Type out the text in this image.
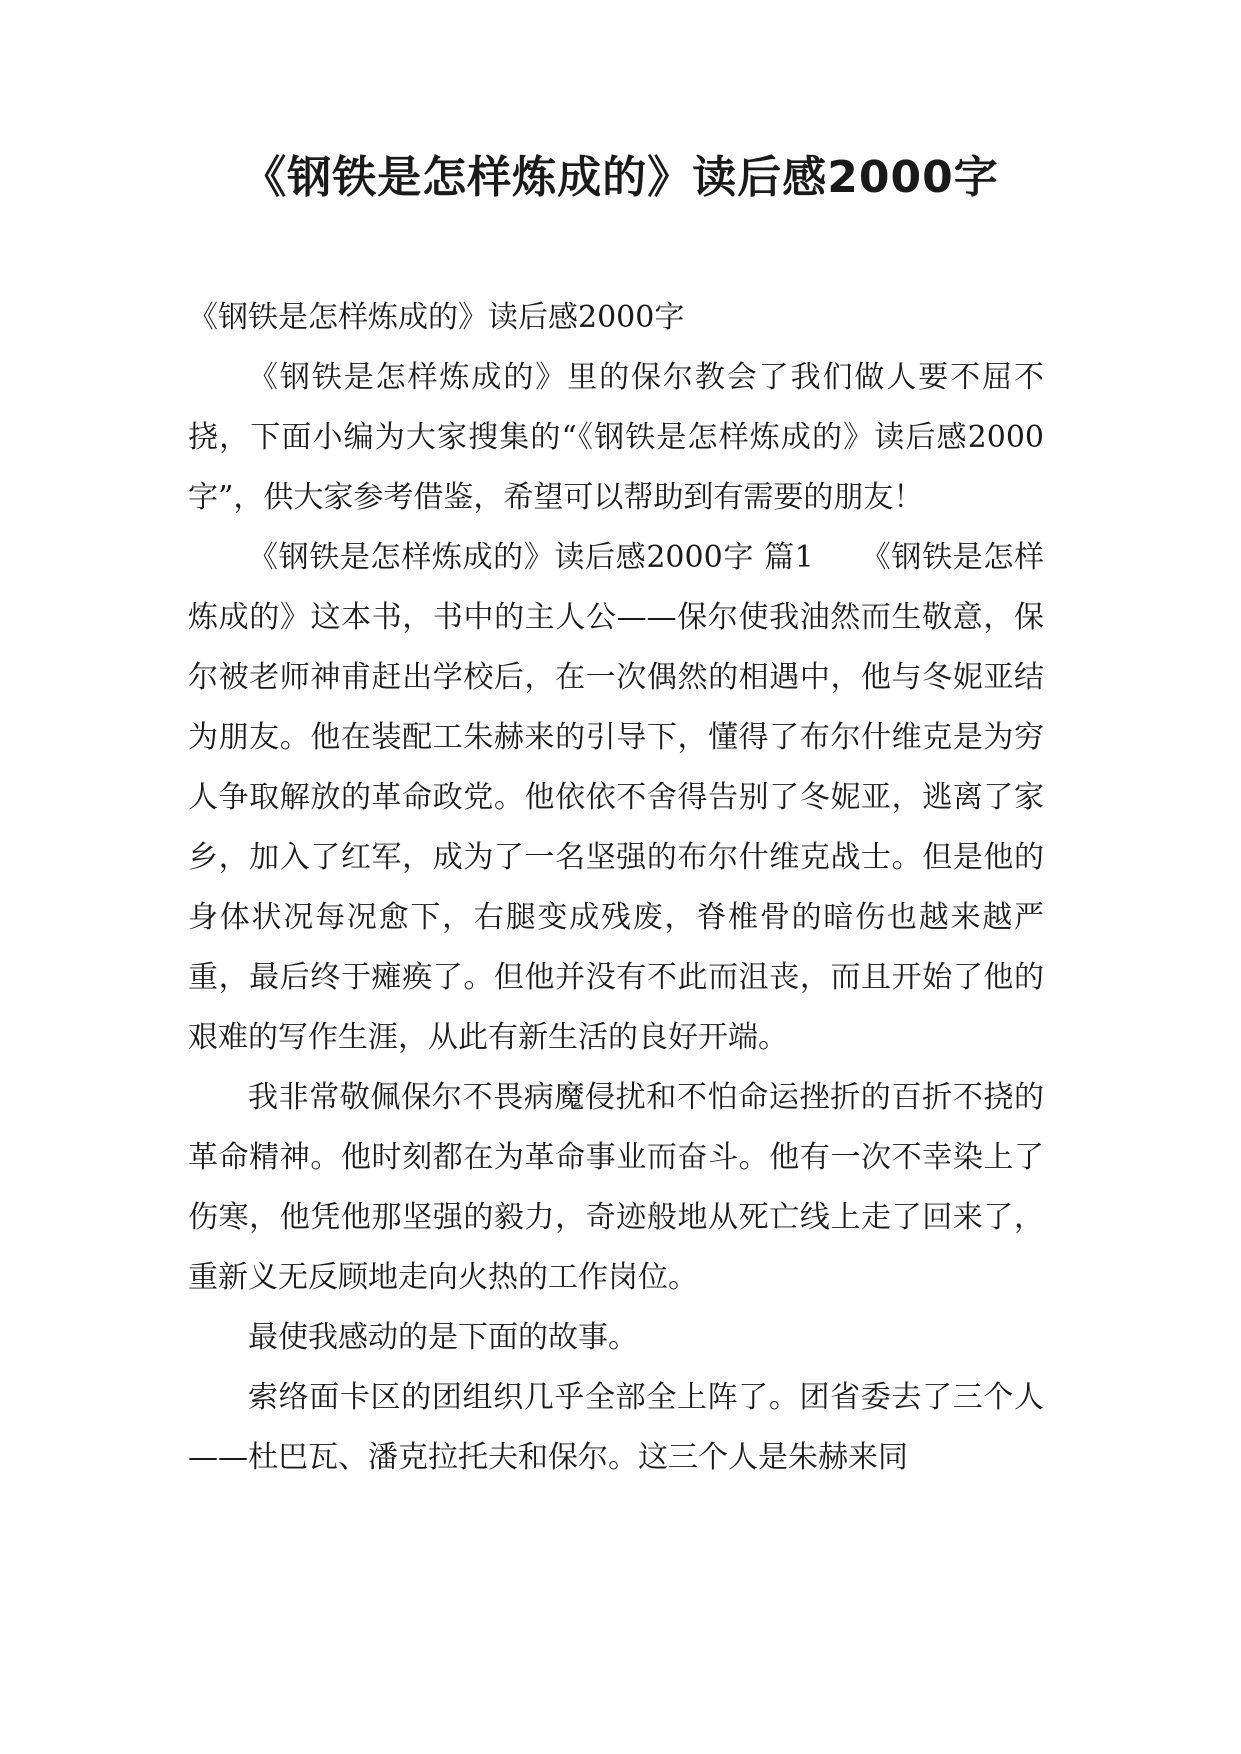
《钢铁是怎样炼成的》读后感2000字

《钢铁是怎样炼成的》读后感2000字

《钢铁是怎样炼成的》里的保尔教会了我们做人要不屈不挠，下面小编为大家搜集的“《钢铁是怎样炼成的》读后感2000字”，供大家参考借鉴，希望可以帮助到有需要的朋友！

《钢铁是怎样炼成的》读后感2000字 篇1　　《钢铁是怎样炼成的》这本书，书中的主人公——保尔使我油然而生敬意，保尔被老师神甫赶出学校后，在一次偶然的相遇中，他与冬妮亚结为朋友。他在装配工朱赫来的引导下，懂得了布尔什维克是为穷人争取解放的革命政党。他依依不舍得告别了冬妮亚，逃离了家乡，加入了红军，成为了一名坚强的布尔什维克战士。但是他的身体状况每况愈下，右腿变成残废，脊椎骨的暗伤也越来越严重，最后终于瘫痪了。但他并没有不此而沮丧，而且开始了他的艰难的写作生涯，从此有新生活的良好开端。

我非常敬佩保尔不畏病魔侵扰和不怕命运挫折的百折不挠的革命精神。他时刻都在为革命事业而奋斗。他有一次不幸染上了伤寒，他凭他那坚强的毅力，奇迹般地从死亡线上走了回来了，重新义无反顾地走向火热的工作岗位。

最使我感动的是下面的故事。

索络面卡区的团组织几乎全部全上阵了。团省委去了三个人——杜巴瓦、潘克拉托夫和保尔。这三个人是朱赫来同
